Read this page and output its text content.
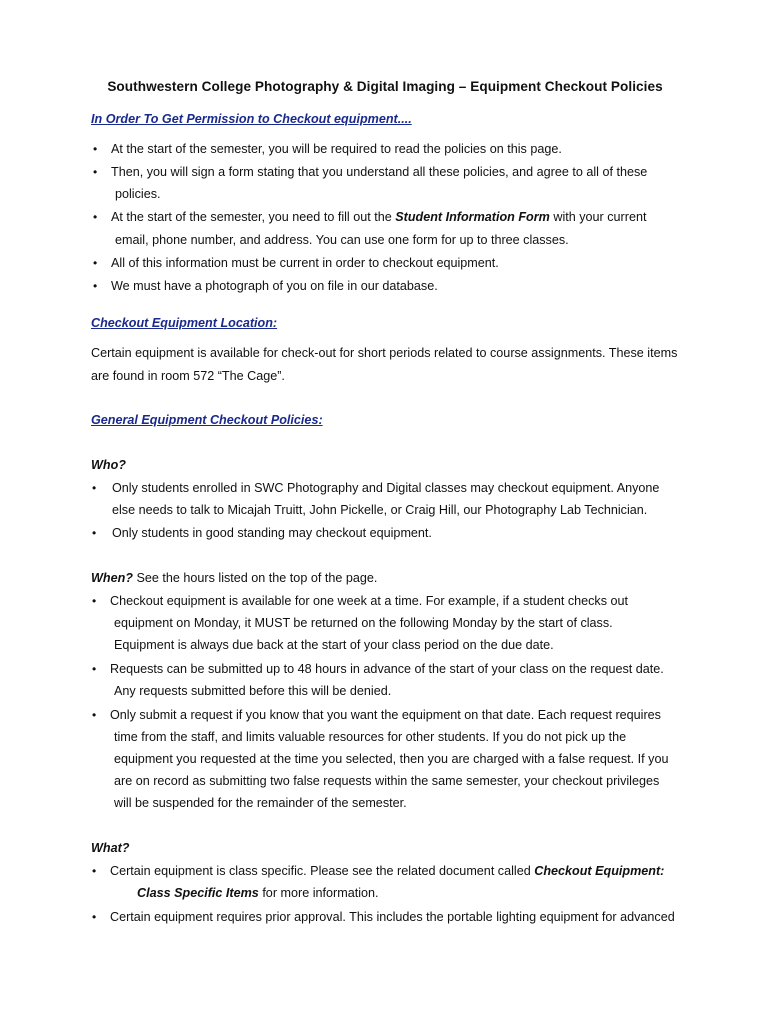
Southwestern College Photography & Digital Imaging – Equipment Checkout Policies
In Order To Get Permission to Checkout equipment....
• At the start of the semester, you will be required to read the policies on this page.
• Then, you will sign a form stating that you understand all these policies, and agree to all of these
policies.
• At the start of the semester, you need to fill out the Student Information Form with your current
email, phone number, and address. You can use one form for up to three classes.
• All of this information must be current in order to checkout equipment.
• We must have a photograph of you on file in our database.
Checkout Equipment Location:
Certain equipment is available for check-out for short periods related to course assignments. These items
are found in room 572 “The Cage”.
General Equipment Checkout Policies:
Who?
• Only students enrolled in SWC Photography and Digital classes may checkout equipment. Anyone
else needs to talk to Micajah Truitt, John Pickelle, or Craig Hill, our Photography Lab Technician.
• Only students in good standing may checkout equipment.
When? See the hours listed on the top of the page.
• Checkout equipment is available for one week at a time. For example, if a student checks out
equipment on Monday, it MUST be returned on the following Monday by the start of class.
Equipment is always due back at the start of your class period on the due date.
• Requests can be submitted up to 48 hours in advance of the start of your class on the request date.
Any requests submitted before this will be denied.
• Only submit a request if you know that you want the equipment on that date. Each request requires
time from the staff, and limits valuable resources for other students. If you do not pick up the
equipment you requested at the time you selected, then you are charged with a false request. If you
are on record as submitting two false requests within the same semester, your checkout privileges
will be suspended for the remainder of the semester.
What?
• Certain equipment is class specific. Please see the related document called Checkout Equipment:
Class Specific Items for more information.
• Certain equipment requires prior approval. This includes the portable lighting equipment for advanced
